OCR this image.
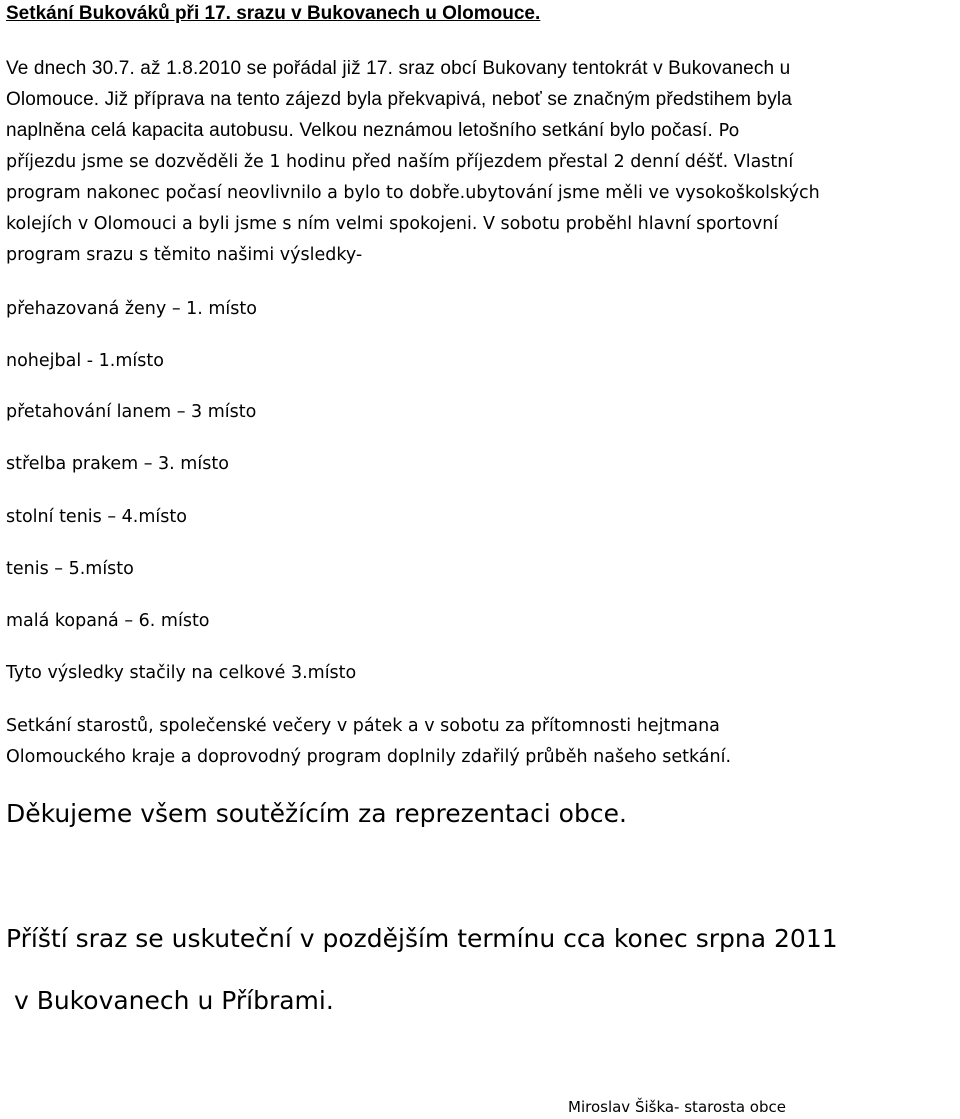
Setkání Bukováků při 17. srazu v Bukovanech u Olomouce.
Ve dnech 30.7. až 1.8.2010 se pořádal již 17. sraz obcí Bukovany tentokrát v Bukovanech u
Olomouce. Již příprava na tento zájezd byla překvapivá, neboť se značným předstihem byla
naplněna celá kapacita autobusu. Velkou neznámou letošního setkání bylo počasí. Po
příjezdu jsme se dozvěděli že 1 hodinu před naším příjezdem přestal 2 denní déšť. Vlastní
program nakonec počasí neovlivnilo a bylo to dobře.ubytování jsme měli ve vysokoškolských
kolejích v Olomouci a byli jsme s ním velmi spokojeni. V sobotu proběhl hlavní sportovní
program srazu s těmito našimi výsledky-
přehazovaná ženy – 1. místo
nohejbal - 1.místo
přetahování lanem – 3 místo
střelba prakem – 3. místo
stolní tenis – 4.místo
tenis – 5.místo
malá kopaná – 6. místo
Tyto výsledky stačily na celkové 3.místo
Setkání starostů, společenské večery v pátek a v sobotu za přítomnosti hejtmana
Olomouckého kraje a doprovodný program doplnily zdařilý průběh našeho setkání.
Děkujeme všem soutěžícím za reprezentaci obce.
Příští sraz se uskuteční v pozdějším termínu cca konec srpna 2011
v Bukovanech u Příbrami.
Miroslav Šiška- starosta obce
